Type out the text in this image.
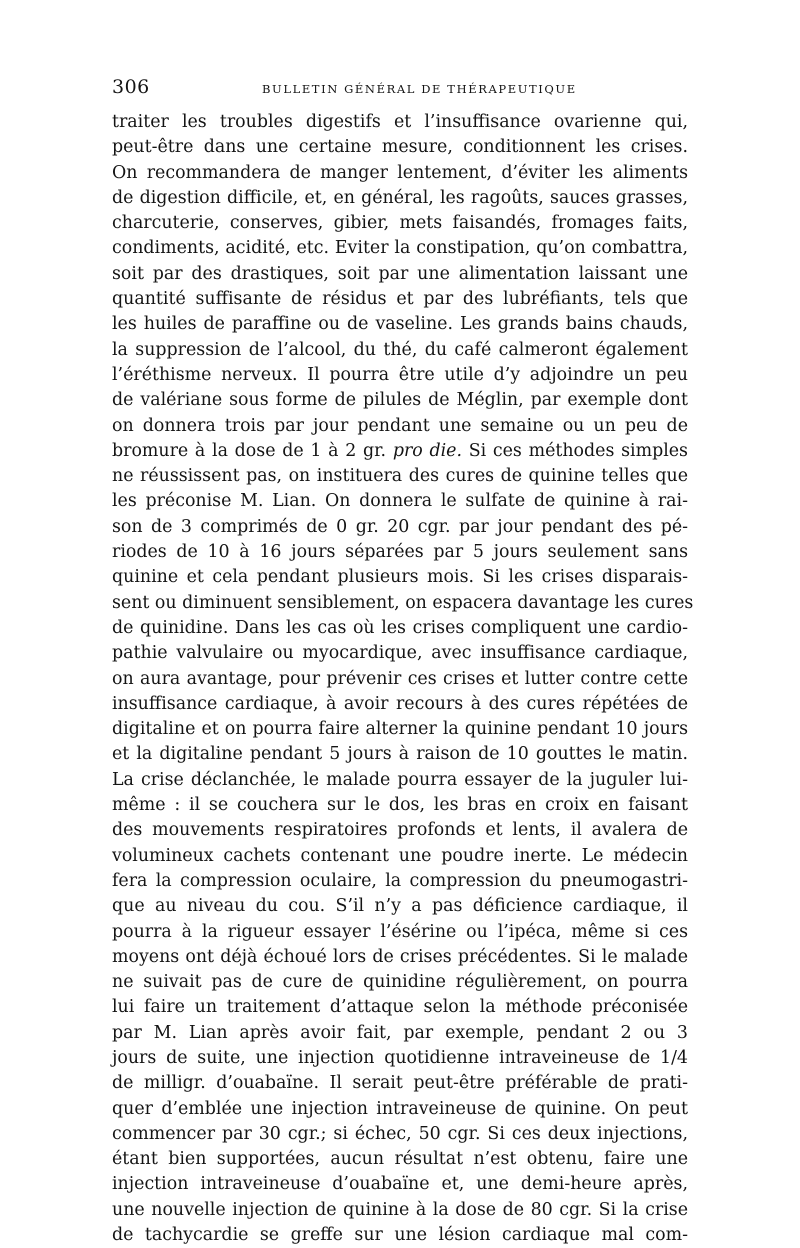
306	BULLETIN GÉNÉRAL DE THÉRAPEUTIQUE
traiter les troubles digestifs et l’insuffisance ovarienne qui,
peut-être dans une certaine mesure, conditionnent les crises.
On recommandera de manger lentement, d’éviter les aliments
de digestion difficile, et, en général, les ragoûts, sauces grasses,
charcuterie, conserves, gibier, mets faisandés, fromages faits,
condiments, acidité, etc. Eviter la constipation, qu’on combattra,
soit par des drastiques, soit par une alimentation laissant une
quantité suffisante de résidus et par des lubréfiants, tels que
les huiles de paraffine ou de vaseline. Les grands bains chauds,
la suppression de l’alcool, du thé, du café calmeront également
l’éréthisme nerveux. Il pourra être utile d’y adjoindre un peu
de valériane sous forme de pilules de Méglin, par exemple dont
on donnera trois par jour pendant une semaine ou un peu de
bromure à la dose de 1 à 2 gr. pro die. Si ces méthodes simples
ne réussissent pas, on instituera des cures de quinine telles que
les préconise M. Lian. On donnera le sulfate de quinine à rai-
son de 3 comprimés de 0 gr. 20 cgr. par jour pendant des pé-
riodes de 10 à 16 jours séparées par 5 jours seulement sans
quinine et cela pendant plusieurs mois. Si les crises disparais-
sent ou diminuent sensiblement, on espacera davantage les cures
de quinidine. Dans les cas où les crises compliquent une cardio-
pathie valvulaire ou myocardique, avec insuffisance cardiaque,
on aura avantage, pour prévenir ces crises et lutter contre cette
insuffisance cardiaque, à avoir recours à des cures répétées de
digitaline et on pourra faire alterner la quinine pendant 10 jours
et la digitaline pendant 5 jours à raison de 10 gouttes le matin.
La crise déclanchée, le malade pourra essayer de la juguler lui-
même : il se couchera sur le dos, les bras en croix en faisant
des mouvements respiratoires profonds et lents, il avalera de
volumineux cachets contenant une poudre inerte. Le médecin
fera la compression oculaire, la compression du pneumogastri-
que au niveau du cou. S’il n’y a pas déficience cardiaque, il
pourra à la rigueur essayer l’ésérine ou l’ipéca, même si ces
moyens ont déjà échoué lors de crises précédentes. Si le malade
ne suivait pas de cure de quinidine régulièrement, on pourra
lui faire un traitement d’attaque selon la méthode préconisée
par M. Lian après avoir fait, par exemple, pendant 2 ou 3
jours de suite, une injection quotidienne intraveineuse de 1/4
de milligr. d’ouabaïne. Il serait peut-être préférable de prati-
quer d’emblée une injection intraveineuse de quinine. On peut
commencer par 30 cgr.; si échec, 50 cgr. Si ces deux injections,
étant bien supportées, aucun résultat n’est obtenu, faire une
injection intraveineuse d’ouabaïne et, une demi-heure après,
une nouvelle injection de quinine à la dose de 80 cgr. Si la crise
de tachycardie se greffe sur une lésion cardiaque mal com-
